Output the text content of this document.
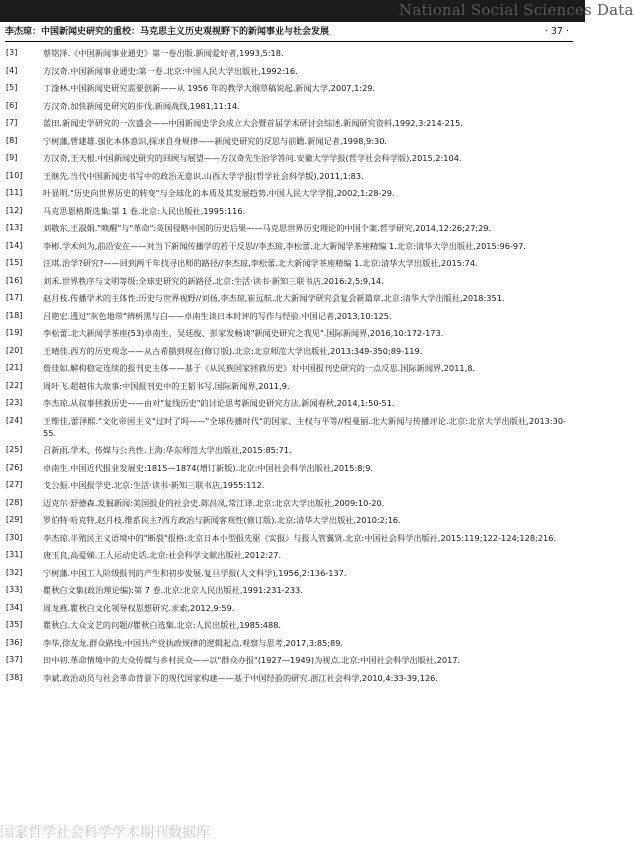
National Social Sciences Data
李杰琼：中国新闻史研究的重校：马克思主义历史观视野下的新闻事业与社会发展	· 37 ·
[3]	蔡铭泽.《中国新闻事业通史》第一卷出版.新闻爱好者,1993,5:18.
[4]	方汉奇.中国新闻事业通史:第一卷.北京:中国人民大学出版社,1992:16.
[5]	丁淦林.中国新闻史研究需要创新——从 1956 年的教学大纲草稿说起.新闻大学,2007,1:29.
[6]	方汉奇.加快新闻史研究的步伐.新闻战线,1981,11:14.
[7]	蓝田.新闻史学研究的一次盛会——中国新闻史学会成立大会暨首届学术研讨会综述.新闻研究资料,1992,3:214-215.
[8]	宁树藩,曾建雄.强化本体意识,探求自身规律——新闻史研究的反思与前瞻.新闻记者,1998,9:30.
[9]	方汉奇,王天根.中国新闻史研究的回顾与展望——方汉奇先生治学答问.安徽大学学报(哲学社会科学版),2015,2:104.
[10]	王继先.当代中国新闻史书写中的政治无意识.山西大学学报(哲学社会科学版),2011,1:83.
[11]	叶显明."历史向世界历史的转变"与全球化的本质及其发展趋势.中国人民大学学报,2002,1:28-29.
[12]	马克思恩格斯选集:第 1 卷.北京:人民出版社,1995:116.
[13]	刘敬东,王淑娟."唤醒"与"革命":英国侵略中国的历史后果——马克思世界历史理论的中国个案.哲学研究,2014,12:26;27;29.
[14]	李彬.学术何为,前沿安在——对当下新闻传播学的若干反思//李杰琼,李松蕾.北大新闻学茶座精编 1.北京:清华大学出版社,2015:96-97.
[15]	汪琪.治学?研究?——回到两千年找寻出师的路径//李杰琼,李松蕾.北大新闻学茶座精编 1.北京:清华大学出版社,2015:74.
[16]	刘禾.世界秩序与文明等级:全球史研究的新路径.北京:生活·读书·新知三联书店,2016:2,5;9,14.
[17]	赵月枝.传播学术的主体性:历史与世界视野//刘扬,李杰琼,崔远航.北大新闻学研究会复会新篇章.北京:清华大学出版社,2018:351.
[18]	吕艳宏.透过"灰色地带"辨析黑与白——卓南生谈日本时评的写作与经验.中国记者,2013,10:125.
[19]	李松蕾.北大新闻学茶座(53)卓南生、吴廷俊、彭家发畅谈"新闻史研究之我见".国际新闻界,2016,10:172-173.
[20]	王晴佳.西方的历史观念——从古希腊到现在(修订版).北京:北京师范大学出版社,2013:349-350;89-119.
[21]	詹佳如.解构稳定连续的报刊史主体——基于《从民族国家拯救历史》对中国报刊史研究的一点反思.国际新闻界,2011,8.
[22]	周叶飞.超越伟大故事:中国报刊史中的王韬书写.国际新闻界,2011,9.
[23]	李杰琼.从叙事拯救历史——由对"复线历史"的讨论思考新闻史研究方法.新闻春秋,2014,1:50-51.
[24]	王维佳,蕾泽熙."文化帝国主义"过时了吗——"全球传播时代"的国家、主权与平等//程曼丽.北大新闻与传播评论.北京:北京大学出版社,2013:30-55.
[25]	吕新雨.学术、传媒与公共性.上海:华东师范大学出版社,2015:85;71.
[26]	卓南生.中国近代报业发展史:1815—1874(增订新版).北京:中国社会科学出版社,2015:8;9.
[27]	戈公振.中国报学史.北京:生活·读书·新知三联书店,1955:112.
[28]	迈克尔·舒德森.发掘新闻:美国报业的社会史.陈昌凤,常江译.北京:北京大学出版社,2009:10-20.
[29]	罗伯特·哈克特,赵月枝.维系民主?西方政治与新闻客观性(修订版).北京:清华大学出版社,2010:2;16.
[30]	李杰琼.半殖民主义语境中的"断裂"报格:北京日本小型报先驱《实报》与报人管翼贤.北京:中国社会科学出版社,2015:119;122-124;128;216.
[31]	唐玉良,高爱娣.工人运动史话.北京:社会科学文献出版社,2012:27.
[32]	宁树藩.中国工人阶级报刊的产生和初步发展.复旦学报(人文科学),1956,2:136-137.
[33]	瞿秋白文集(政治理论编):第 7 卷.北京:北京人民出版社,1991:231-233.
[34]	周龙燕.瞿秋白文化领导权思想研究.求索,2012,9:59.
[35]	瞿秋白.大众文艺的问题//瞿秋白选集.北京:人民出版社,1985:488.
[36]	李华,徐友龙.群众路线:中国共产党执政规律的逻辑起点.观察与思考,2017,3:85;89.
[37]	田中初.革命情境中的大众传媒与乡村民众——以"群众办报"(1927—1949)为视点.北京:中国社会科学出版社,2017.
[38]	李斌.政治动员与社会革命背景下的现代国家构建——基于中国经验的研究.浙江社会科学,2010,4:33-39,126.
国家哲学社会科学学术期刊数据库
